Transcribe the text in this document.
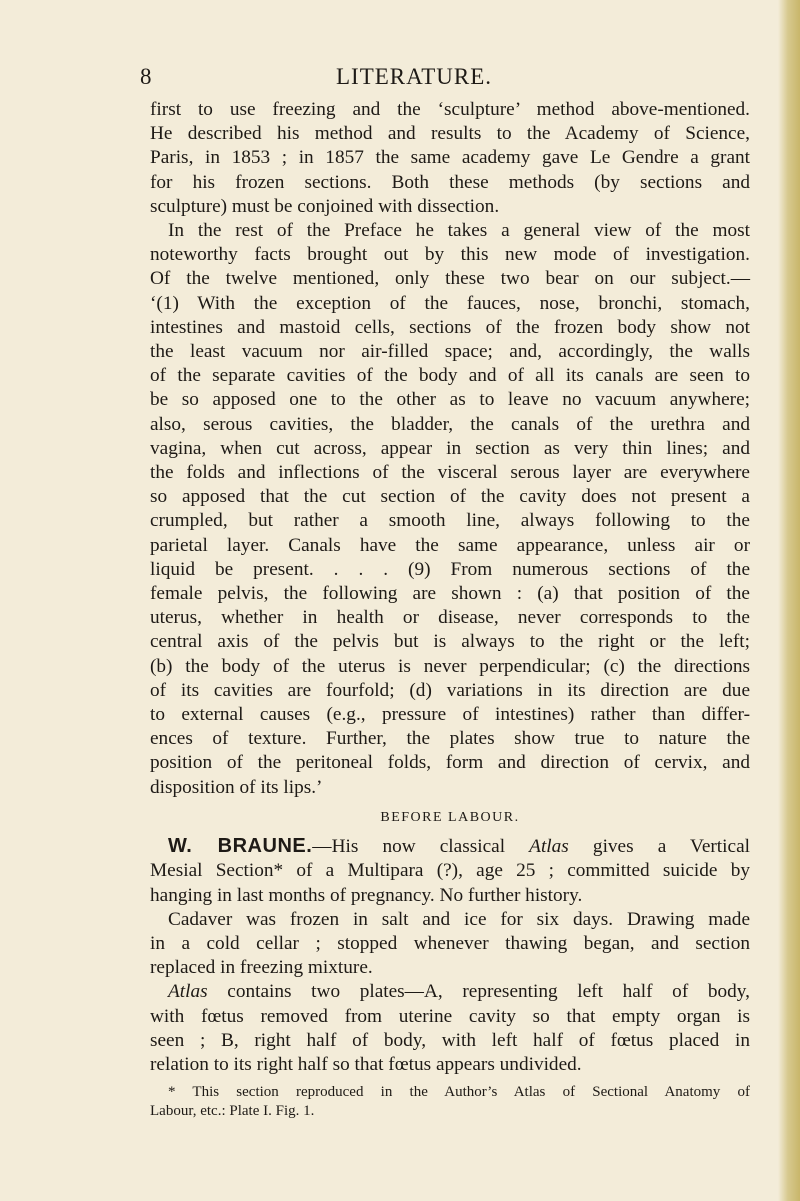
8	LITERATURE.
first to use freezing and the ‘sculpture’ method above-mentioned.
He described his method and results to the Academy of Science,
Paris, in 1853 ; in 1857 the same academy gave Le Gendre a grant
for his frozen sections. Both these methods (by sections and
sculpture) must be conjoined with dissection.
In the rest of the Preface he takes a general view of the most
noteworthy facts brought out by this new mode of investigation.
Of the twelve mentioned, only these two bear on our subject.—
‘(1) With the exception of the fauces, nose, bronchi, stomach,
intestines and mastoid cells, sections of the frozen body show not
the least vacuum nor air-filled space; and, accordingly, the walls
of the separate cavities of the body and of all its canals are seen to
be so apposed one to the other as to leave no vacuum anywhere;
also, serous cavities, the bladder, the canals of the urethra and
vagina, when cut across, appear in section as very thin lines; and
the folds and inflections of the visceral serous layer are everywhere
so apposed that the cut section of the cavity does not present a
crumpled, but rather a smooth line, always following to the
parietal layer. Canals have the same appearance, unless air or
liquid be present. . . . (9) From numerous sections of the
female pelvis, the following are shown : (a) that position of the
uterus, whether in health or disease, never corresponds to the
central axis of the pelvis but is always to the right or the left;
(b) the body of the uterus is never perpendicular; (c) the directions
of its cavities are fourfold; (d) variations in its direction are due
to external causes (e.g., pressure of intestines) rather than differ-
ences of texture. Further, the plates show true to nature the
position of the peritoneal folds, form and direction of cervix, and
disposition of its lips.’
BEFORE LABOUR.
W. BRAUNE.—His now classical Atlas gives a Vertical
Mesial Section* of a Multipara (?), age 25 ; committed suicide by
hanging in last months of pregnancy. No further history.
Cadaver was frozen in salt and ice for six days. Drawing made
in a cold cellar ; stopped whenever thawing began, and section
replaced in freezing mixture.
Atlas contains two plates—A, representing left half of body,
with fœtus removed from uterine cavity so that empty organ is
seen ; B, right half of body, with left half of fœtus placed in
relation to its right half so that fœtus appears undivided.
* This section reproduced in the Author’s Atlas of Sectional Anatomy of
Labour, etc.: Plate I. Fig. 1.
